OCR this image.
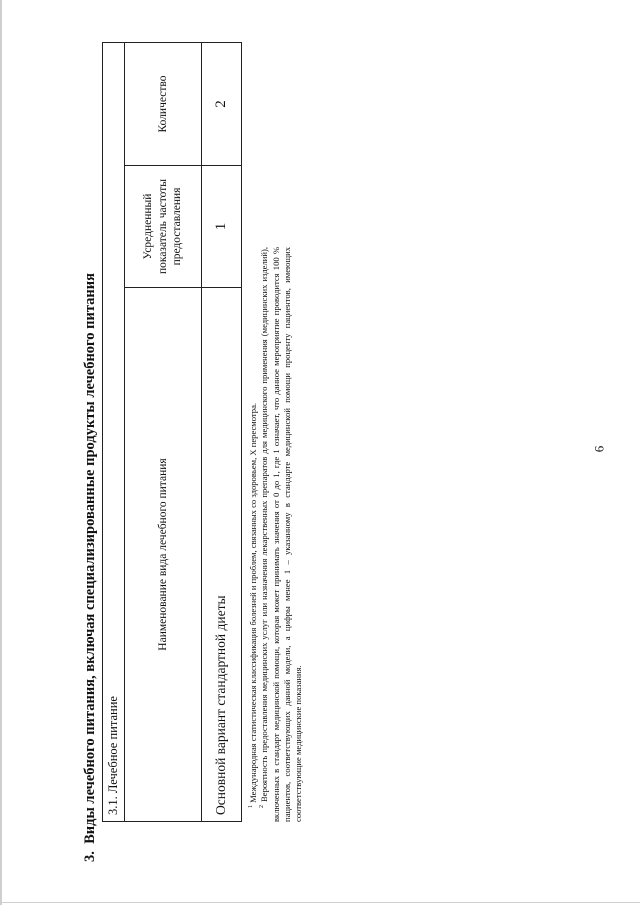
6
3.  Виды лечебного питания, включая специализированные продукты лечебного питания 3.1. Лечебное питание
Наименование вида лечебного питания
Усредненный показатель частоты предоставления
Количество
Основной вариант стандартной диеты
1
2

$^1$ Международная статистическая классификация болезней и проблем, связанных со здоровьем, X пересмотра.

$^2$ Вероятность предоставления медицинских услуг или назначения лекарственных препаратов для медицинского применения (медицинских изделий), включенных в стандарт медицинской помощи, которая может принимать значения от 0 до 1, где 1 означает, что данное мероприятие проводится 100 % пациентов, соответствующих данной модели, а цифры менее 1 – указанному в стандарте медицинской помощи проценту пациентов, имеющих соответствующие медицинские показания.
